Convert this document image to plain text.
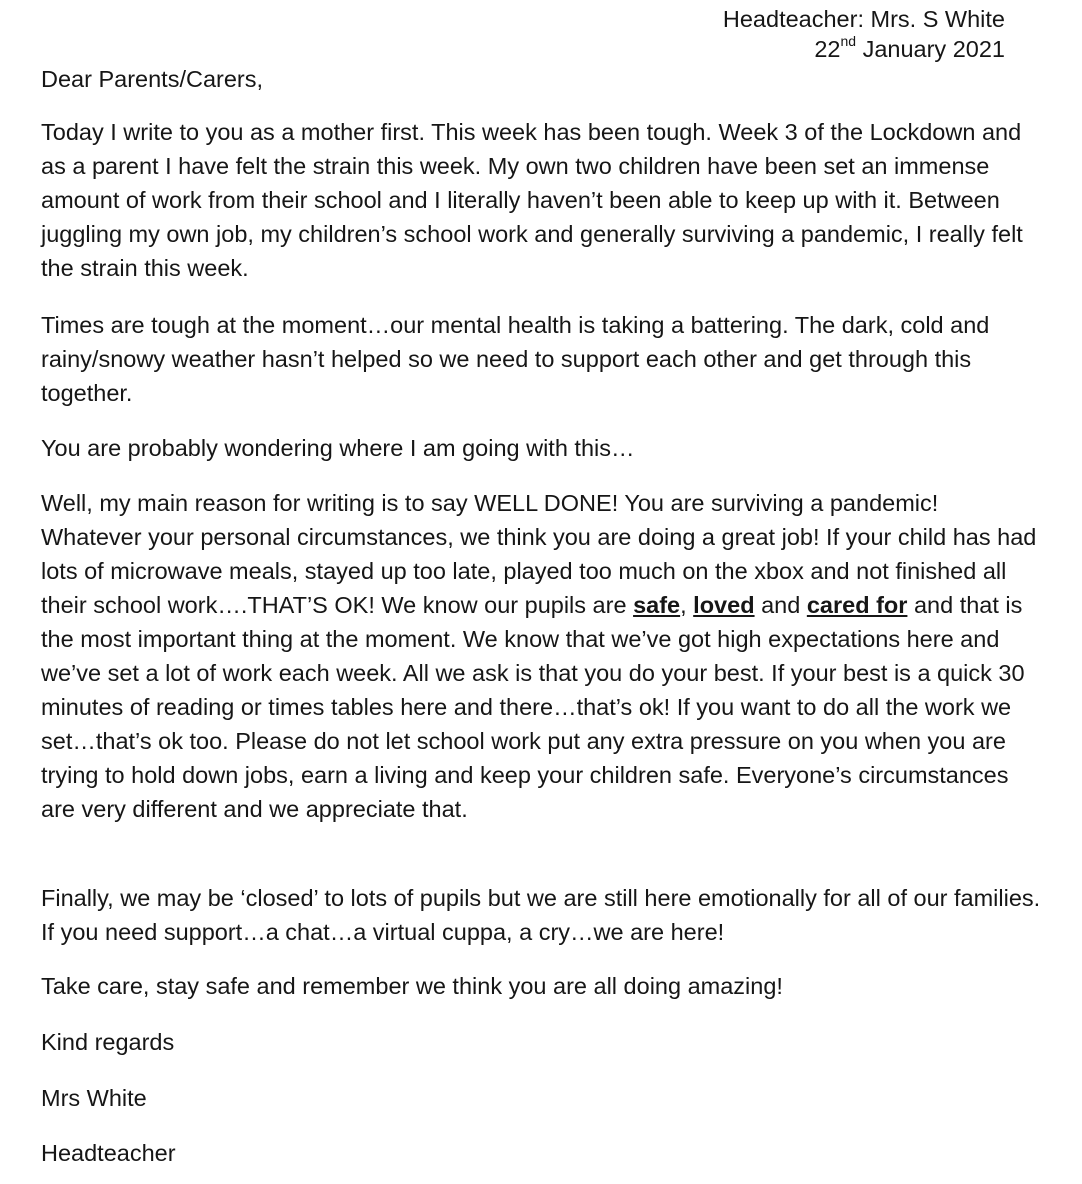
Headteacher: Mrs. S White
22nd January 2021

Dear Parents/Carers,

Today I write to you as a mother first. This week has been tough. Week 3 of the Lockdown and as a parent I have felt the strain this week. My own two children have been set an immense amount of work from their school and I literally haven’t been able to keep up with it. Between juggling my own job, my children’s school work and generally surviving a pandemic, I really felt the strain this week.

Times are tough at the moment…our mental health is taking a battering. The dark, cold and rainy/snowy weather hasn’t helped so we need to support each other and get through this together.

You are probably wondering where I am going with this…

Well, my main reason for writing is to say WELL DONE! You are surviving a pandemic! Whatever your personal circumstances, we think you are doing a great job! If your child has had lots of microwave meals, stayed up too late, played too much on the xbox and not finished all their school work….THAT’S OK! We know our pupils are safe, loved and cared for and that is the most important thing at the moment. We know that we’ve got high expectations here and we’ve set a lot of work each week. All we ask is that you do your best. If your best is a quick 30 minutes of reading or times tables here and there…that’s ok! If you want to do all the work we set…that’s ok too. Please do not let school work put any extra pressure on you when you are trying to hold down jobs, earn a living and keep your children safe. Everyone’s circumstances are very different and we appreciate that.

Finally, we may be ‘closed’ to lots of pupils but we are still here emotionally for all of our families. If you need support…a chat…a virtual cuppa, a cry…we are here!

Take care, stay safe and remember we think you are all doing amazing!

Kind regards

Mrs White

Headteacher
